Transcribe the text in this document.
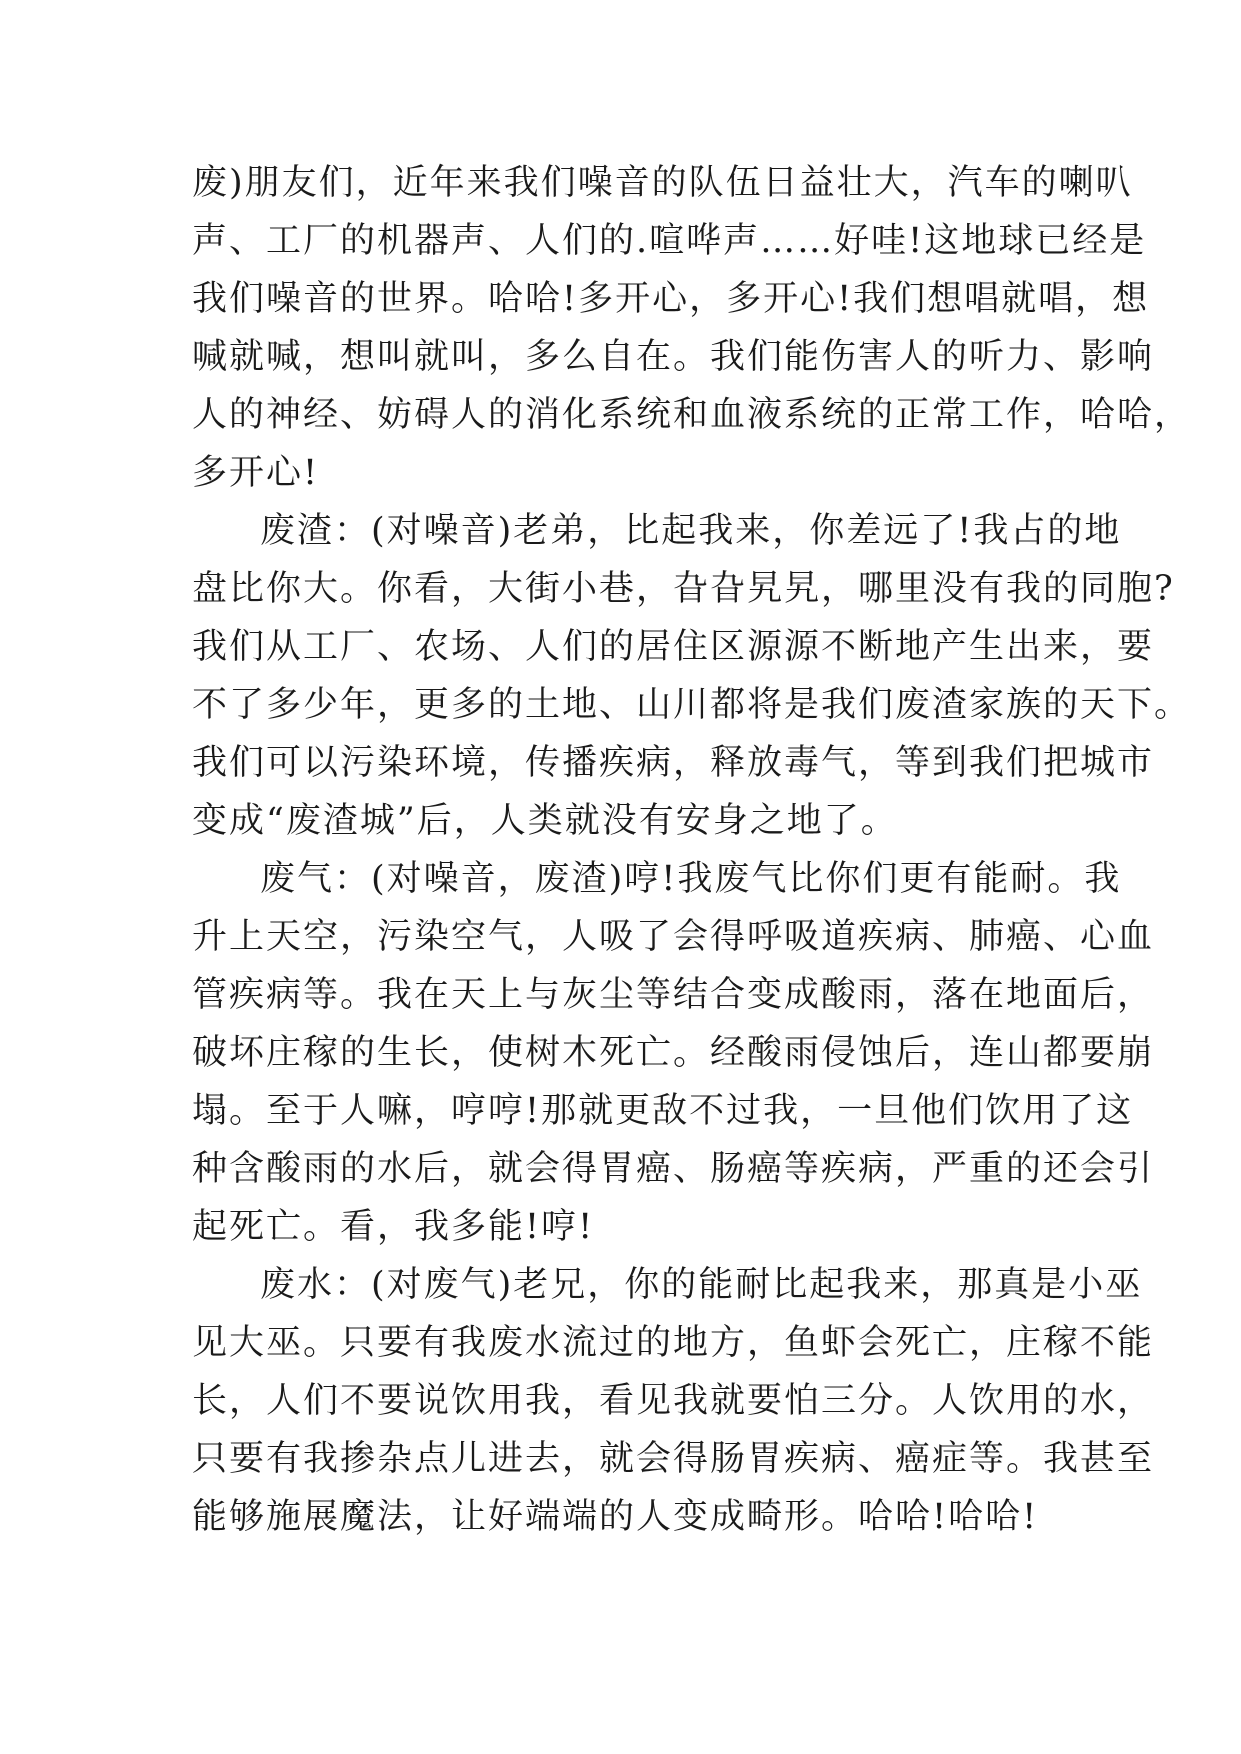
废)朋友们，近年来我们噪音的队伍日益壮大，汽车的喇叭
声、工厂的机器声、人们的.喧哗声……好哇!这地球已经是
我们噪音的世界。哈哈!多开心，多开心!我们想唱就唱，想
喊就喊，想叫就叫，多么自在。我们能伤害人的听力、影响
人的神经、妨碍人的消化系统和血液系统的正常工作，哈哈，
多开心!
废渣：(对噪音)老弟，比起我来，你差远了!我占的地
盘比你大。你看，大街小巷，旮旮旯旯，哪里没有我的同胞?
我们从工厂、农场、人们的居住区源源不断地产生出来，要
不了多少年，更多的土地、山川都将是我们废渣家族的天下。
我们可以污染环境，传播疾病，释放毒气，等到我们把城市
变成“废渣城”后，人类就没有安身之地了。
废气：(对噪音，废渣)哼!我废气比你们更有能耐。我
升上天空，污染空气，人吸了会得呼吸道疾病、肺癌、心血
管疾病等。我在天上与灰尘等结合变成酸雨，落在地面后，
破坏庄稼的生长，使树木死亡。经酸雨侵蚀后，连山都要崩
塌。至于人嘛，哼哼!那就更敌不过我，一旦他们饮用了这
种含酸雨的水后，就会得胃癌、肠癌等疾病，严重的还会引
起死亡。看，我多能!哼!
废水：(对废气)老兄，你的能耐比起我来，那真是小巫
见大巫。只要有我废水流过的地方，鱼虾会死亡，庄稼不能
长，人们不要说饮用我，看见我就要怕三分。人饮用的水，
只要有我掺杂点儿进去，就会得肠胃疾病、癌症等。我甚至
能够施展魔法，让好端端的人变成畸形。哈哈!哈哈!
